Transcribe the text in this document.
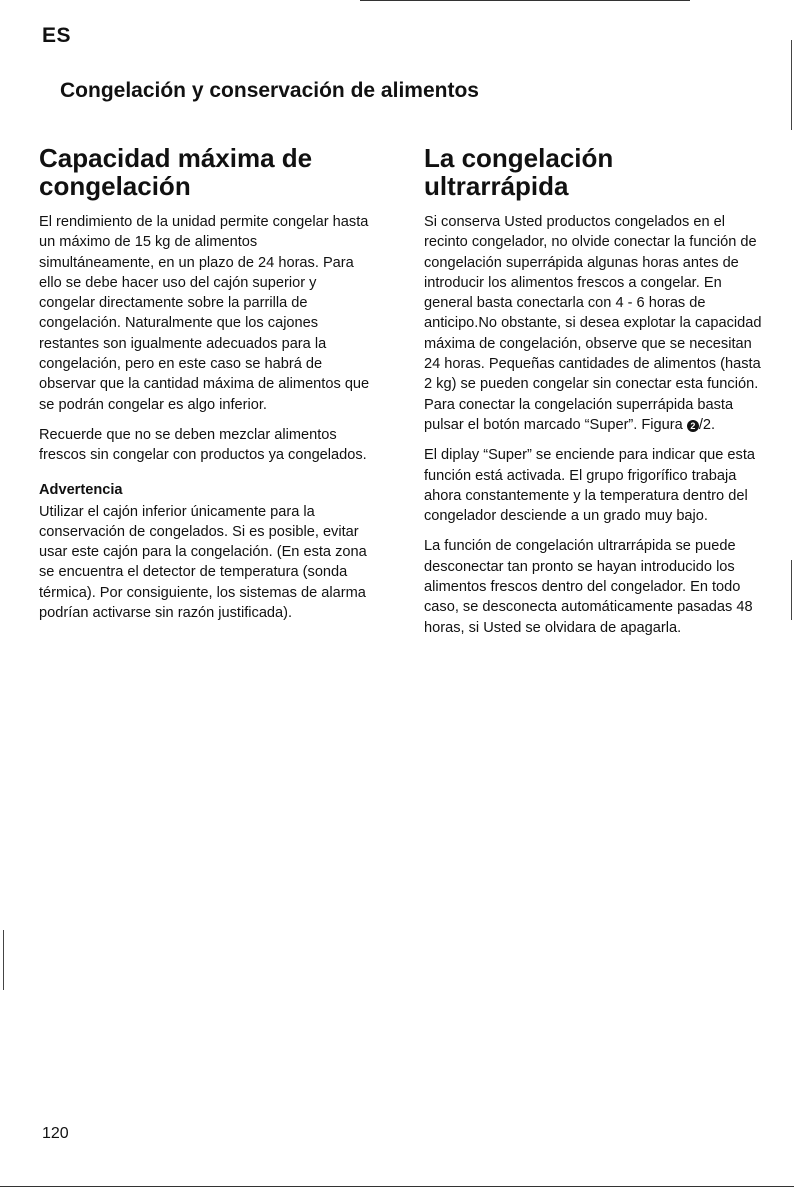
ES
Congelación y conservación de alimentos
Capacidad máxima de
congelación

El rendimiento de la unidad permite congelar hasta un máximo de 15 kg de alimentos simultáneamente, en un plazo de 24 horas. Para ello se debe hacer uso del cajón superior y congelar directamente sobre la parrilla de congelación. Naturalmente que los cajones restantes son igualmente adecuados para la congelación, pero en este caso se habrá de observar que la cantidad máxima de alimentos que se podrán congelar es algo inferior.

Recuerde que no se deben mezclar alimentos frescos sin congelar con productos ya congelados.

Advertencia

Utilizar el cajón inferior únicamente para la conservación de congelados. Si es posible, evitar usar este cajón para la congelación. (En esta zona se encuentra el detector de temperatura (sonda térmica). Por consiguiente, los sistemas de alarma podrían activarse sin razón justificada).

La congelación
ultrarrápida

Si conserva Usted productos congelados en el recinto congelador, no olvide conectar la función de congelación superrápida algunas horas antes de introducir los alimentos frescos a congelar. En general basta conectarla con 4 - 6 horas de anticipo.No obstante, si desea explotar la capacidad máxima de congelación, observe que se necesitan 24 horas. Pequeñas cantidades de alimentos (hasta 2 kg) se pueden congelar sin conectar esta función. Para conectar la congelación superrápida basta pulsar el botón marcado “Super”. Figura 2 /2.

El diplay “Super” se enciende para indicar que esta función está activada. El grupo frigorífico trabaja ahora constantemente y la temperatura dentro del congelador desciende a un grado muy bajo.

La función de congelación ultrarrápida se puede desconectar tan pronto se hayan introducido los alimentos frescos dentro del congelador. En todo caso, se desconecta automáticamente pasadas 48 horas, si Usted se olvidara de apagarla.

120
